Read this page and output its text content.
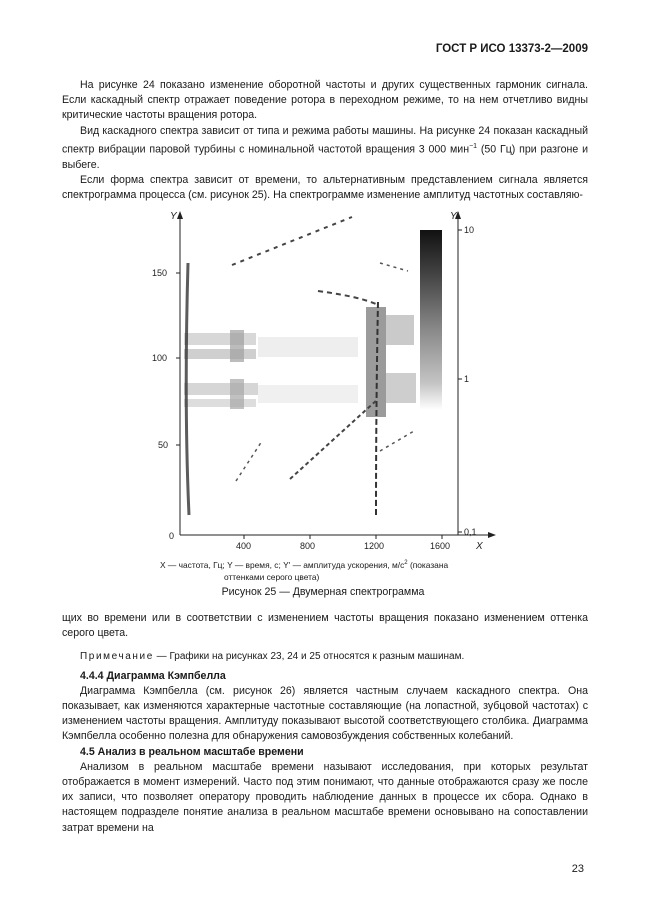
ГОСТ Р ИСО 13373-2—2009

На рисунке 24 показано изменение оборотной частоты и других существенных гармоник сигнала. Если каскадный спектр отражает поведение ротора в переходном режиме, то на нем отчетливо видны критические частоты вращения ротора.

Вид каскадного спектра зависит от типа и режима работы машины. На рисунке 24 показан каскадный спектр вибрации паровой турбины с номинальной частотой вращения 3 000 мин$^{-1}$ (50 Гц) при разгоне и выбеге.

Если форма спектра зависит от времени, то альтернативным представлением сигнала является спектрограмма процесса (см. рисунок 25). На спектрограмме изменение амплитуд частотных составляю-

Y	Y′
X
0
150
100
50
400	800	1200	1600
10
1
0,1
X — частота, Гц; Y — время, с; Y′ — амплитуда ускорения, $м/с^2$ (показана
оттенками серого цвета)
Рисунок 25 — Двумерная спектрограмма

щих во времени или в соответствии с изменением частоты вращения показано изменением оттенка серого цвета.

Примечание — Графики на рисунках 23, 24 и 25 относятся к разным машинам.

4.4.4 Диаграмма Кэмпбелла

Диаграмма Кэмпбелла (см. рисунок 26) является частным случаем каскадного спектра. Она показывает, как изменяются характерные частотные составляющие (на лопастной, зубцовой частотах) с изменением частоты вращения. Амплитуду показывают высотой соответствующего столбика. Диаграмма Кэмпбелла особенно полезна для обнаружения самовозбуждения собственных колебаний.

4.5 Анализ в реальном масштабе времени

Анализом в реальном масштабе времени называют исследования, при которых результат отображается в момент измерений. Часто под этим понимают, что данные отображаются сразу же после их записи, что позволяет оператору проводить наблюдение данных в процессе их сбора. Однако в настоящем подразделе понятие анализа в реальном масштабе времени основывано на сопоставлении затрат времени на

23
